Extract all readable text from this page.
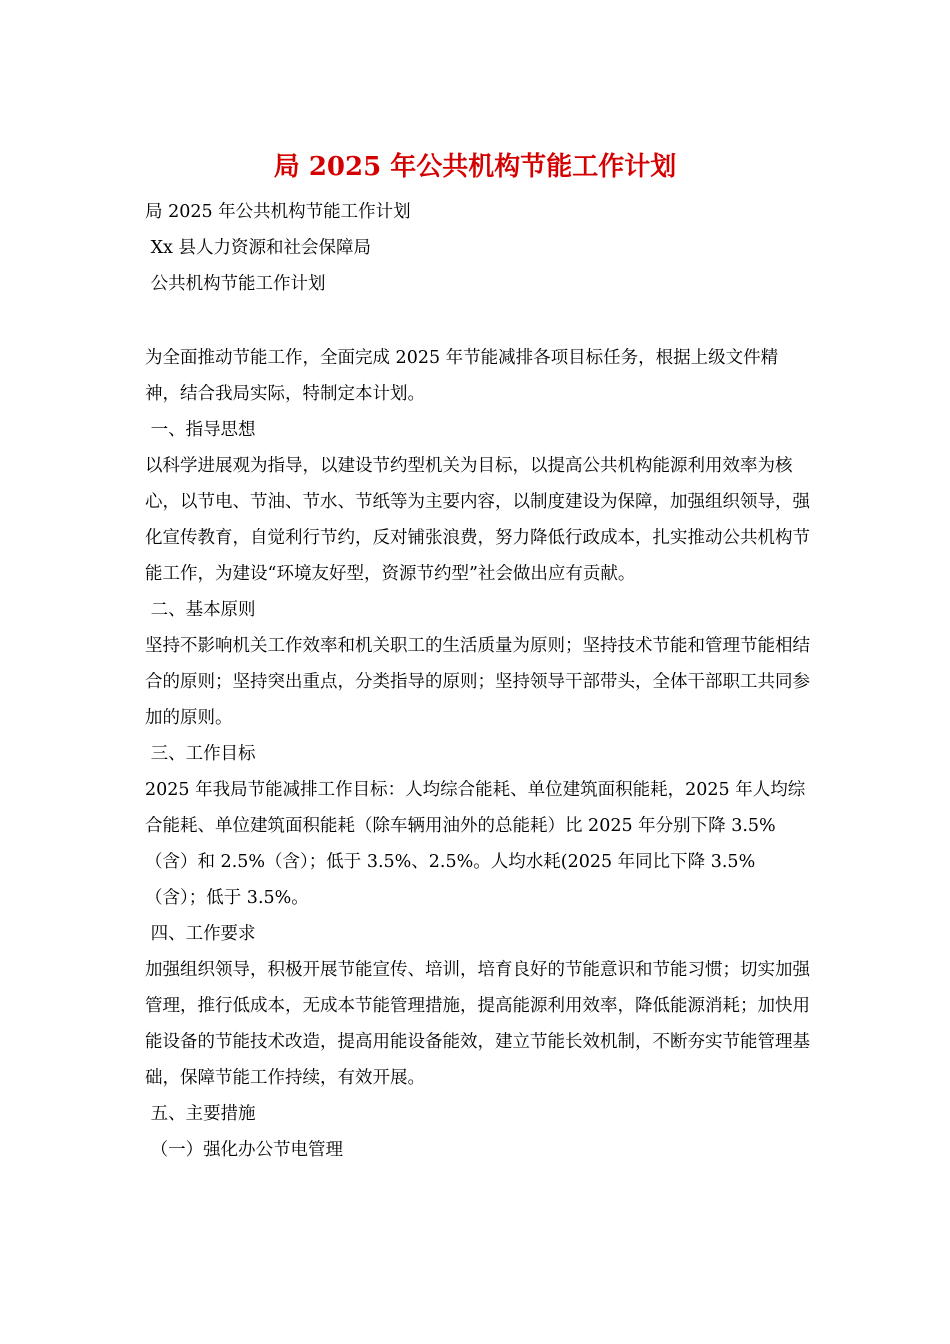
局 2025 年公共机构节能工作计划
局 2025 年公共机构节能工作计划
Xx 县人力资源和社会保障局
公共机构节能工作计划
为全面推动节能工作，全面完成 2025 年节能减排各项目标任务，根据上级文件精神，结合我局实际，特制定本计划。
一、指导思想
以科学进展观为指导，以建设节约型机关为目标，以提高公共机构能源利用效率为核心，以节电、节油、节水、节纸等为主要内容，以制度建设为保障，加强组织领导，强化宣传教育，自觉利行节约，反对铺张浪费，努力降低行政成本，扎实推动公共机构节能工作，为建设“环境友好型，资源节约型”社会做出应有贡献。
二、基本原则
坚持不影响机关工作效率和机关职工的生活质量为原则；坚持技术节能和管理节能相结合的原则；坚持突出重点，分类指导的原则；坚持领导干部带头，全体干部职工共同参加的原则。
三、工作目标
2025 年我局节能减排工作目标：人均综合能耗、单位建筑面积能耗，2025 年人均综合能耗、单位建筑面积能耗（除车辆用油外的总能耗）比 2025 年分别下降 3.5%（含）和 2.5%（含）；低于 3.5%、2.5%。人均水耗(2025 年同比下降 3.5%（含）；低于 3.5%。
四、工作要求
加强组织领导，积极开展节能宣传、培训，培育良好的节能意识和节能习惯；切实加强管理，推行低成本，无成本节能管理措施，提高能源利用效率，降低能源消耗；加快用能设备的节能技术改造，提高用能设备能效，建立节能长效机制，不断夯实节能管理基础，保障节能工作持续，有效开展。
五、主要措施
（一）强化办公节电管理
